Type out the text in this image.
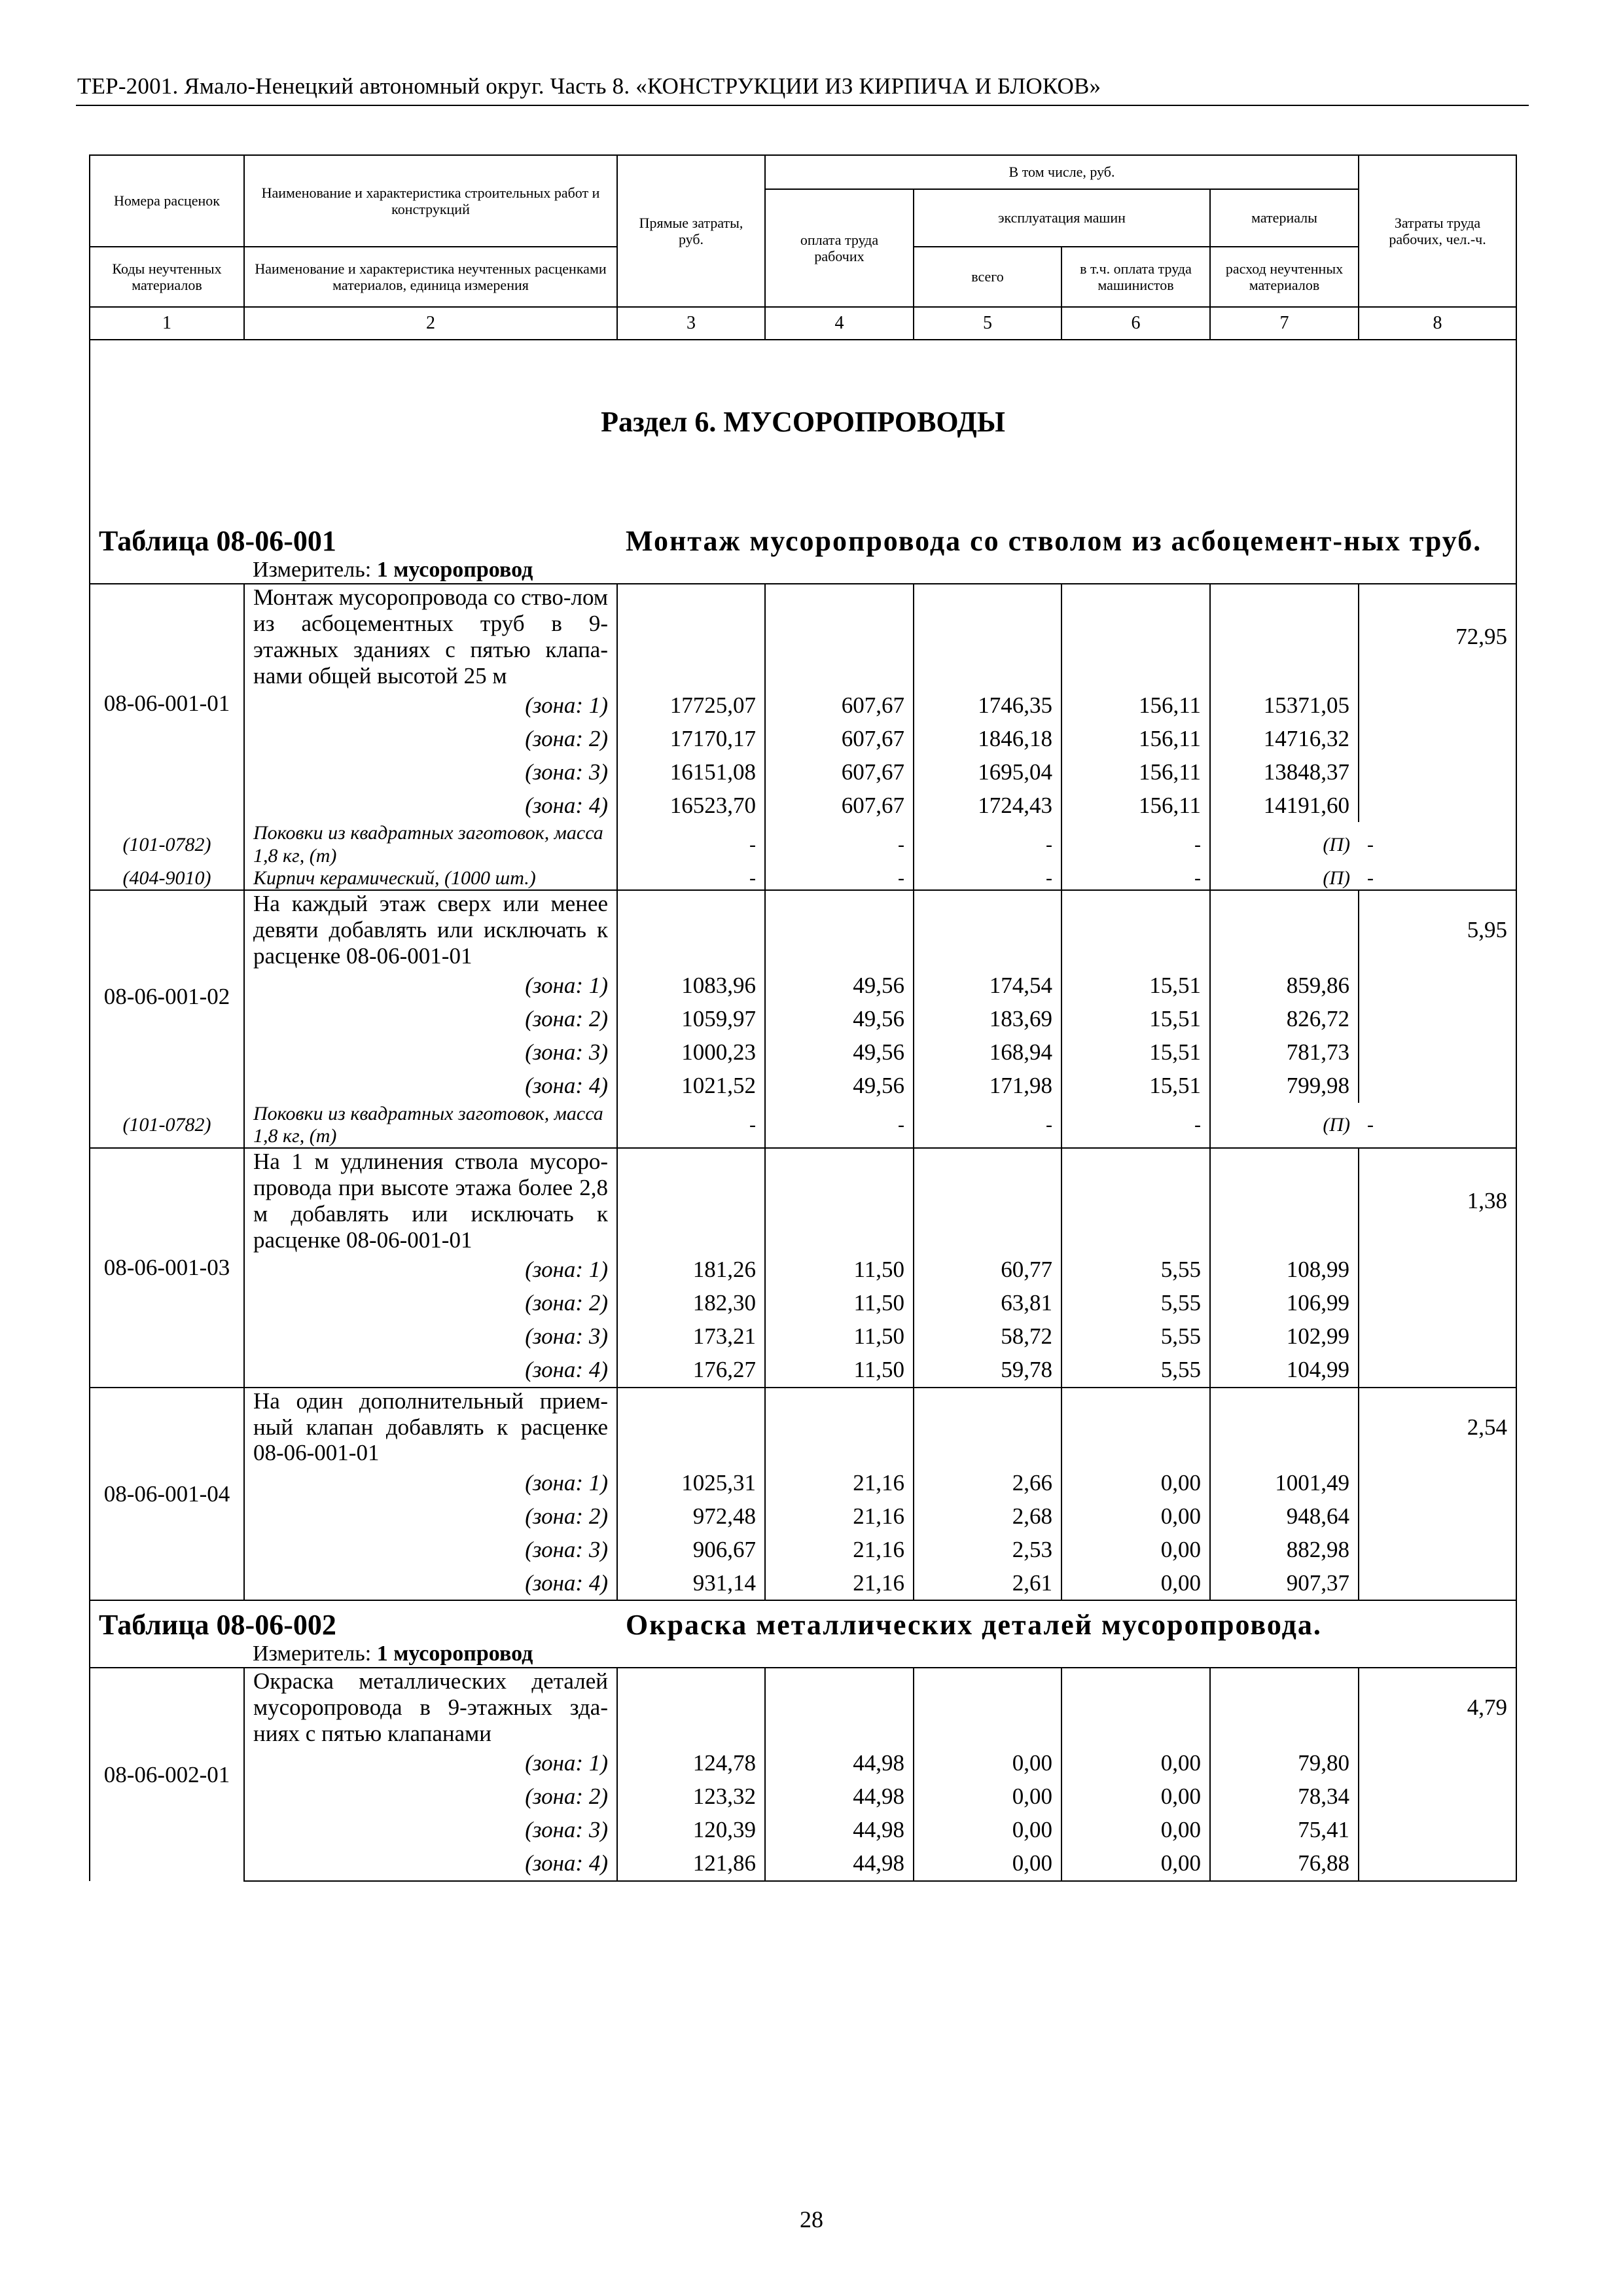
ТЕР-2001. Ямало-Ненецкий автономный округ. Часть 8. «КОНСТРУКЦИИ ИЗ КИРПИЧА И БЛОКОВ»
Номера расценок	Наименование и характеристика строительных работ и конструкций	Прямые затраты, руб.	В том числе, руб.				Затраты труда рабочих, чел.-ч.
			оплата труда рабочих	эксплуатация машин		материалы	
Коды неучтенных материалов	Наименование и характеристика неучтенных расценками материалов, единица измерения			всего	в т.ч. оплата труда машинистов	расход неучтенных материалов	
1	2	3	4	5	6	7	8
Раздел 6. МУСОРОПРОВОДЫ							
Таблица 08-06-001		Монтаж мусоропровода со стволом из асбоцемент-ных труб.					
	Измеритель: 1 мусоропровод						
08-06-001-01	Монтаж мусоропровода со ство-лом из асбоцементных труб в 9-этажных зданиях с пятью клапа-нами общей высотой 25 м						72,95
	(зона: 1)	17725,07	607,67	1746,35	156,11	15371,05	
	(зона: 2)	17170,17	607,67	1846,18	156,11	14716,32	
	(зона: 3)	16151,08	607,67	1695,04	156,11	13848,37	
	(зона: 4)	16523,70	607,67	1724,43	156,11	14191,60	
(101-0782)	Поковки из квадратных заготовок, масса 1,8 кг, (т)	-	-	-	-	(П)	-
(404-9010)	Кирпич керамический, (1000 шт.)	-	-	-	-	(П)	-
08-06-001-02	На каждый этаж сверх или менее девяти добавлять или исключать к расценке 08-06-001-01						5,95
	(зона: 1)	1083,96	49,56	174,54	15,51	859,86	
	(зона: 2)	1059,97	49,56	183,69	15,51	826,72	
	(зона: 3)	1000,23	49,56	168,94	15,51	781,73	
	(зона: 4)	1021,52	49,56	171,98	15,51	799,98	
(101-0782)	Поковки из квадратных заготовок, масса 1,8 кг, (т)	-	-	-	-	(П)	-
08-06-001-03	На 1 м удлинения ствола мусоро-провода при высоте этажа более 2,8 м добавлять или исключать к расценке 08-06-001-01						1,38
	(зона: 1)	181,26	11,50	60,77	5,55	108,99	
	(зона: 2)	182,30	11,50	63,81	5,55	106,99	
	(зона: 3)	173,21	11,50	58,72	5,55	102,99	
	(зона: 4)	176,27	11,50	59,78	5,55	104,99	
08-06-001-04	На один дополнительный прием-ный клапан добавлять к расценке 08-06-001-01						2,54
	(зона: 1)	1025,31	21,16	2,66	0,00	1001,49	
	(зона: 2)	972,48	21,16	2,68	0,00	948,64	
	(зона: 3)	906,67	21,16	2,53	0,00	882,98	
	(зона: 4)	931,14	21,16	2,61	0,00	907,37	
Таблица 08-06-002		Окраска металлических деталей мусоропровода.					
	Измеритель: 1 мусоропровод						
08-06-002-01	Окраска металлических деталей мусоропровода в 9-этажных зда-ниях с пятью клапанами						4,79
	(зона: 1)	124,78	44,98	0,00	0,00	79,80	
	(зона: 2)	123,32	44,98	0,00	0,00	78,34	
	(зона: 3)	120,39	44,98	0,00	0,00	75,41	
	(зона: 4)	121,86	44,98	0,00	0,00	76,88	
28
